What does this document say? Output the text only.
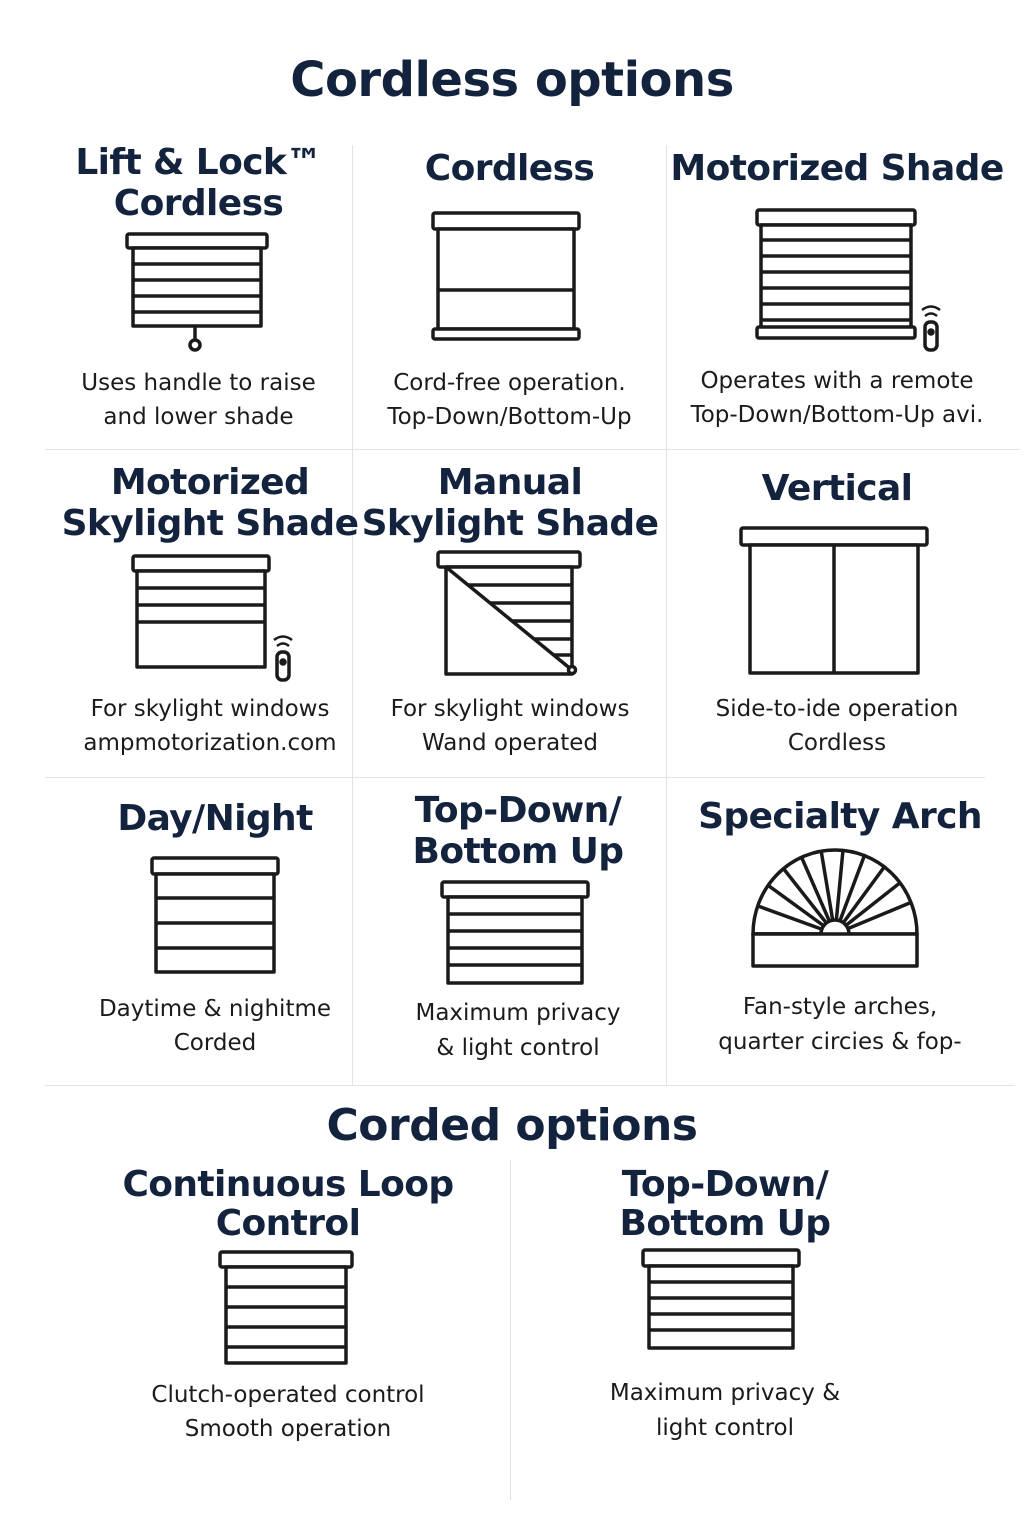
Cordless options
Lift & Lock™
Cordless
Uses handle to raise
and lower shade
Cordless
Cord-free operation.
Top-Down/Bottom-Up
Motorized Shade
Operates with a remote
Top-Down/Bottom-Up avi.
Motorized
Skylight Shade
For skylight windows
ampmotorization.com
Manual
Skylight Shade
For skylight windows
Wand operated
Vertical
Side-to-ide operation
Cordless
Day/Night
Daytime & nighitme
Corded
Top-Down/
Bottom Up
Maximum privacy
& light control
Specialty Arch
Fan-style arches,
quarter circies & fop-
Corded options
Continuous Loop
Control
Clutch-operated control
Smooth operation
Top-Down/
Bottom Up
Maximum privacy &
light control
